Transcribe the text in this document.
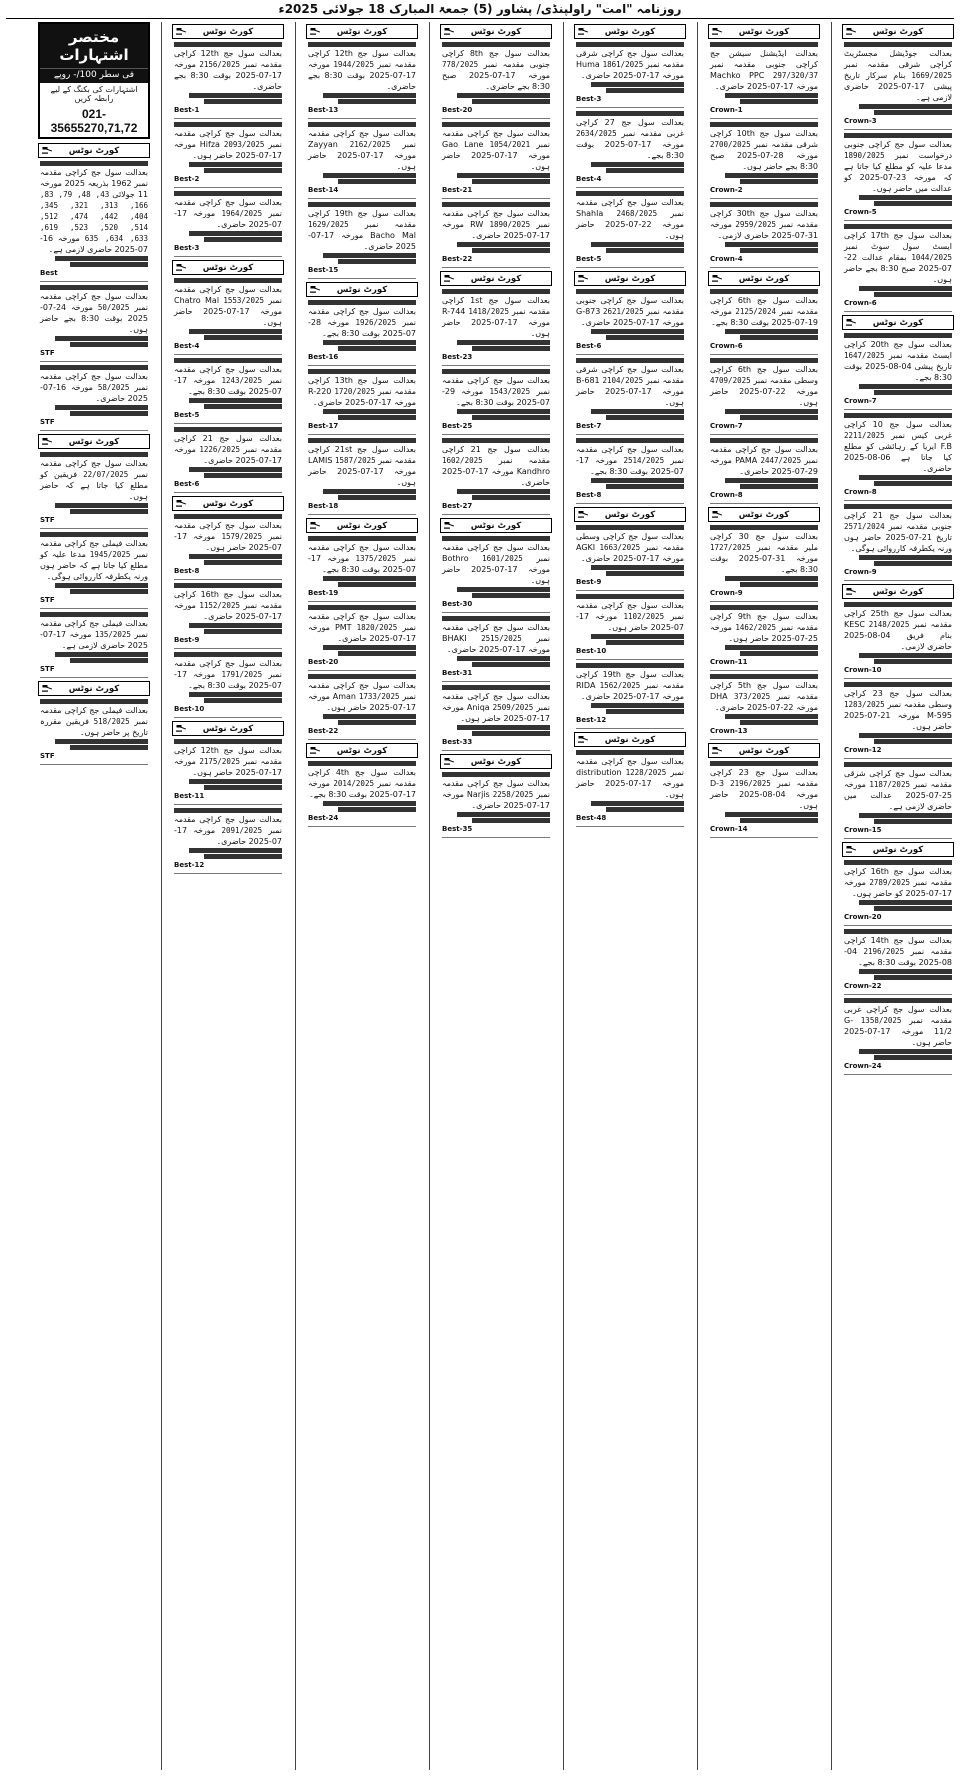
روزنامہ "امت" راولپنڈی/ پشاور (5) جمعۃ المبارک 18 جولائی 2025ء
کورٹ نوٹس
بعدالت جوڈیشل مجسٹریٹ کراچی شرقی مقدمہ نمبر 1669/2025 بنام سرکار تاریخ پیشی 17-07-2025 حاضری لازمی ہے۔
Crown-3
بعدالت سول جج کراچی جنوبی درخواست نمبر 1890/2025 مدعا علیہ کو مطلع کیا جاتا ہے کہ مورخہ 23-07-2025 کو عدالت میں حاضر ہوں۔
Crown-5
بعدالت سول جج 17th کراچی ایسٹ سول سوٹ نمبر 1044/2025 بمقام عدالت 22-07-2025 صبح 8:30 بجے حاضر ہوں۔
Crown-6
کورٹ نوٹس
بعدالت سول جج 20th کراچی ایسٹ مقدمہ نمبر 1647/2025 تاریخ پیشی 04-08-2025 بوقت 8:30 بجے۔
Crown-7
بعدالت سول جج 10 کراچی غربی کیس نمبر 2211/2025 F.B ایریا کے رہائشی کو مطلع کیا جاتا ہے 06-08-2025 حاضری۔
Crown-8
بعدالت سول جج 21 کراچی جنوبی مقدمہ نمبر 2571/2024 تاریخ 21-07-2025 حاضر ہوں ورنہ یکطرفہ کارروائی ہوگی۔
Crown-9
کورٹ نوٹس
بعدالت سول جج 25th کراچی مقدمہ نمبر 2148/2025 KESC بنام فریق 04-08-2025 حاضری لازمی۔
Crown-10
بعدالت سول جج 23 کراچی وسطی مقدمہ نمبر 1283/2025 M-595 مورخہ 21-07-2025 حاضر ہوں۔
Crown-12
بعدالت سول جج کراچی شرقی مقدمہ نمبر 1187/2025 مورخہ 25-07-2025 عدالت میں حاضری لازمی ہے۔
Crown-15
کورٹ نوٹس
بعدالت سول جج 16th کراچی مقدمہ نمبر 2789/2025 مورخہ 17-07-2025 کو حاضر ہوں۔
Crown-20
بعدالت سول جج 14th کراچی مقدمہ نمبر 2196/2025 04-08-2025 بوقت 8:30 بجے۔
Crown-22
بعدالت سول جج کراچی غربی مقدمہ نمبر 1358/2025 G-11/2 مورخہ 17-07-2025 حاضر ہوں۔
Crown-24
کورٹ نوٹس
بعدالت ایڈیشنل سیشن جج کراچی جنوبی مقدمہ نمبر 297/320/37 Machko PPC مورخہ 17-07-2025 حاضری۔
Crown-1
بعدالت سول جج 10th کراچی شرقی مقدمہ نمبر 2700/2025 مورخہ 28-07-2025 صبح 8:30 بجے حاضر ہوں۔
Crown-2
بعدالت سول جج 30th کراچی مقدمہ نمبر 2959/2025 مورخہ 31-07-2025 حاضری لازمی۔
Crown-4
کورٹ نوٹس
بعدالت سول جج 6th کراچی مقدمہ نمبر 2125/2024 مورخہ 19-07-2025 بوقت 8:30 بجے۔
Crown-6
بعدالت سول جج 6th کراچی وسطی مقدمہ نمبر 4709/2025 مورخہ 22-07-2025 حاضر ہوں۔
Crown-7
بعدالت سول جج کراچی مقدمہ نمبر 2447/2025 PAMA مورخہ 29-07-2025 حاضری۔
Crown-8
کورٹ نوٹس
بعدالت سول جج 30 کراچی ملیر مقدمہ نمبر 1727/2025 مورخہ 31-07-2025 بوقت 8:30 بجے۔
Crown-9
بعدالت سول جج 9th کراچی مقدمہ نمبر 1462/2025 مورخہ 25-07-2025 حاضر ہوں۔
Crown-11
بعدالت سول جج 5th کراچی مقدمہ نمبر 373/2025 DHA مورخہ 22-07-2025 حاضری۔
Crown-13
کورٹ نوٹس
بعدالت سول جج 23 کراچی مقدمہ نمبر 2196/2025 D-3 مورخہ 04-08-2025 حاضر ہوں۔
Crown-14
کورٹ نوٹس
بعدالت سول جج کراچی شرقی مقدمہ نمبر 1861/2025 Huma مورخہ 17-07-2025 حاضری۔
Best-3
بعدالت سول جج 27 کراچی غربی مقدمہ نمبر 2634/2025 مورخہ 17-07-2025 بوقت 8:30 بجے۔
Best-4
بعدالت سول جج کراچی مقدمہ نمبر 2468/2025 Shahla مورخہ 22-07-2025 حاضر ہوں۔
Best-5
کورٹ نوٹس
بعدالت سول جج کراچی جنوبی مقدمہ نمبر 2621/2025 G-873 مورخہ 17-07-2025 حاضری۔
Best-6
بعدالت سول جج کراچی شرقی مقدمہ نمبر 2104/2025 B-681 مورخہ 17-07-2025 حاضر ہوں۔
Best-7
بعدالت سول جج کراچی مقدمہ نمبر 2514/2025 مورخہ 17-07-2025 بوقت 8:30 بجے۔
Best-8
کورٹ نوٹس
بعدالت سول جج کراچی وسطی مقدمہ نمبر 1663/2025 AGKI مورخہ 17-07-2025 حاضری۔
Best-9
بعدالت سول جج کراچی مقدمہ نمبر 1102/2025 مورخہ 17-07-2025 حاضر ہوں۔
Best-10
بعدالت سول جج 19th کراچی مقدمہ نمبر 1562/2025 RIDA مورخہ 17-07-2025 حاضری۔
Best-12
کورٹ نوٹس
بعدالت سول جج کراچی مقدمہ نمبر 1228/2025 distribution مورخہ 17-07-2025 حاضر ہوں۔
Best-48
کورٹ نوٹس
بعدالت سول جج 8th کراچی جنوبی مقدمہ نمبر 778/2025 مورخہ 17-07-2025 صبح 8:30 بجے حاضری۔
Best-20
بعدالت سول جج کراچی مقدمہ نمبر 1054/2021 Gao Lane مورخہ 17-07-2025 حاضر ہوں۔
Best-21
بعدالت سول جج کراچی مقدمہ نمبر 1890/2025 RW مورخہ 17-07-2025 حاضری۔
Best-22
کورٹ نوٹس
بعدالت سول جج 1st کراچی مقدمہ نمبر 1418/2025 R-744 مورخہ 17-07-2025 حاضر ہوں۔
Best-23
بعدالت سول جج کراچی مقدمہ نمبر 1543/2025 مورخہ 29-07-2025 بوقت 8:30 بجے۔
Best-25
بعدالت سول جج 21 کراچی مقدمہ نمبر 1602/2025 Kandhro مورخہ 17-07-2025 حاضری۔
Best-27
کورٹ نوٹس
بعدالت سول جج کراچی مقدمہ نمبر 1601/2025 Bothro مورخہ 17-07-2025 حاضر ہوں۔
Best-30
بعدالت سول جج کراچی مقدمہ نمبر 2515/2025 BHAKI مورخہ 17-07-2025 حاضری۔
Best-31
بعدالت سول جج کراچی مقدمہ نمبر 2509/2025 Aniqa مورخہ 17-07-2025 حاضر ہوں۔
Best-33
کورٹ نوٹس
بعدالت سول جج کراچی مقدمہ نمبر 2258/2025 Narjis مورخہ 17-07-2025 حاضری۔
Best-35
کورٹ نوٹس
بعدالت سول جج 12th کراچی مقدمہ نمبر 1944/2025 مورخہ 17-07-2025 بوقت 8:30 بجے حاضری۔
Best-13
بعدالت سول جج کراچی مقدمہ نمبر 2162/2025 Zayyan مورخہ 17-07-2025 حاضر ہوں۔
Best-14
بعدالت سول جج 19th کراچی مقدمہ نمبر 1629/2025 Bacho Mal مورخہ 17-07-2025 حاضری۔
Best-15
کورٹ نوٹس
بعدالت سول جج کراچی مقدمہ نمبر 1926/2025 مورخہ 28-07-2025 بوقت 8:30 بجے۔
Best-16
بعدالت سول جج 13th کراچی مقدمہ نمبر 1720/2025 R-220 مورخہ 17-07-2025 حاضری۔
Best-17
بعدالت سول جج 21st کراچی مقدمہ نمبر 1587/2025 LAMIS مورخہ 17-07-2025 حاضر ہوں۔
Best-18
کورٹ نوٹس
بعدالت سول جج کراچی مقدمہ نمبر 1375/2025 مورخہ 17-07-2025 بوقت 8:30 بجے۔
Best-19
بعدالت سول جج کراچی مقدمہ نمبر 1820/2025 PMT مورخہ 17-07-2025 حاضری۔
Best-20
بعدالت سول جج کراچی مقدمہ نمبر 1733/2025 Aman مورخہ 17-07-2025 حاضر ہوں۔
Best-22
کورٹ نوٹس
بعدالت سول جج 4th کراچی مقدمہ نمبر 2014/2025 مورخہ 17-07-2025 بوقت 8:30 بجے۔
Best-24
کورٹ نوٹس
بعدالت سول جج 12th کراچی مقدمہ نمبر 2156/2025 مورخہ 17-07-2025 بوقت 8:30 بجے حاضری۔
Best-1
بعدالت سول جج کراچی مقدمہ نمبر 2093/2025 Hifza مورخہ 17-07-2025 حاضر ہوں۔
Best-2
بعدالت سول جج کراچی مقدمہ نمبر 1964/2025 مورخہ 17-07-2025 حاضری۔
Best-3
کورٹ نوٹس
بعدالت سول جج کراچی مقدمہ نمبر 1553/2025 Chatro Mal مورخہ 17-07-2025 حاضر ہوں۔
Best-4
بعدالت سول جج کراچی مقدمہ نمبر 1243/2025 مورخہ 17-07-2025 بوقت 8:30 بجے۔
Best-5
بعدالت سول جج 21 کراچی مقدمہ نمبر 1226/2025 مورخہ 17-07-2025 حاضری۔
Best-6
کورٹ نوٹس
بعدالت سول جج کراچی مقدمہ نمبر 1579/2025 مورخہ 17-07-2025 حاضر ہوں۔
Best-8
بعدالت سول جج 16th کراچی مقدمہ نمبر 1152/2025 مورخہ 17-07-2025 حاضری۔
Best-9
بعدالت سول جج کراچی مقدمہ نمبر 1791/2025 مورخہ 17-07-2025 بوقت 8:30 بجے۔
Best-10
کورٹ نوٹس
بعدالت سول جج 12th کراچی مقدمہ نمبر 2175/2025 مورخہ 17-07-2025 حاضر ہوں۔
Best-11
بعدالت سول جج کراچی مقدمہ نمبر 2091/2025 مورخہ 17-07-2025 حاضری۔
Best-12
مختصر اشتہارات
فی سطر 100/- روپے
اشتہارات کی بکنگ کے لیے رابطہ کریں
021-35655270,71,72
کورٹ نوٹس
بعدالت سول جج کراچی مقدمہ نمبر 1962 بذریعہ 2025 مورخہ 11 جولائی 43, 48, 79, 83, 166, 313, 321, 345, 404, 442, 474, 512, 514, 520, 523, 619, 633, 634, 635 مورخہ 16-07-2025 حاضری لازمی ہے۔
Best
بعدالت سول جج کراچی مقدمہ نمبر 50/2025 مورخہ 24-07-2025 بوقت 8:30 بجے حاضر ہوں۔
STF
بعدالت سول جج کراچی مقدمہ نمبر 58/2025 مورخہ 16-07-2025 حاضری۔
STF
کورٹ نوٹس
بعدالت سول جج کراچی مقدمہ نمبر 22/07/2025 فریقین کو مطلع کیا جاتا ہے کہ حاضر ہوں۔
STF
بعدالت فیملی جج کراچی مقدمہ نمبر 1945/2025 مدعا علیہ کو مطلع کیا جاتا ہے کہ حاضر ہوں ورنہ یکطرفہ کارروائی ہوگی۔
STF
بعدالت فیملی جج کراچی مقدمہ نمبر 135/2025 مورخہ 17-07-2025 حاضری لازمی ہے۔
STF
کورٹ نوٹس
بعدالت فیملی جج کراچی مقدمہ نمبر 518/2025 فریقین مقررہ تاریخ پر حاضر ہوں۔
STF
